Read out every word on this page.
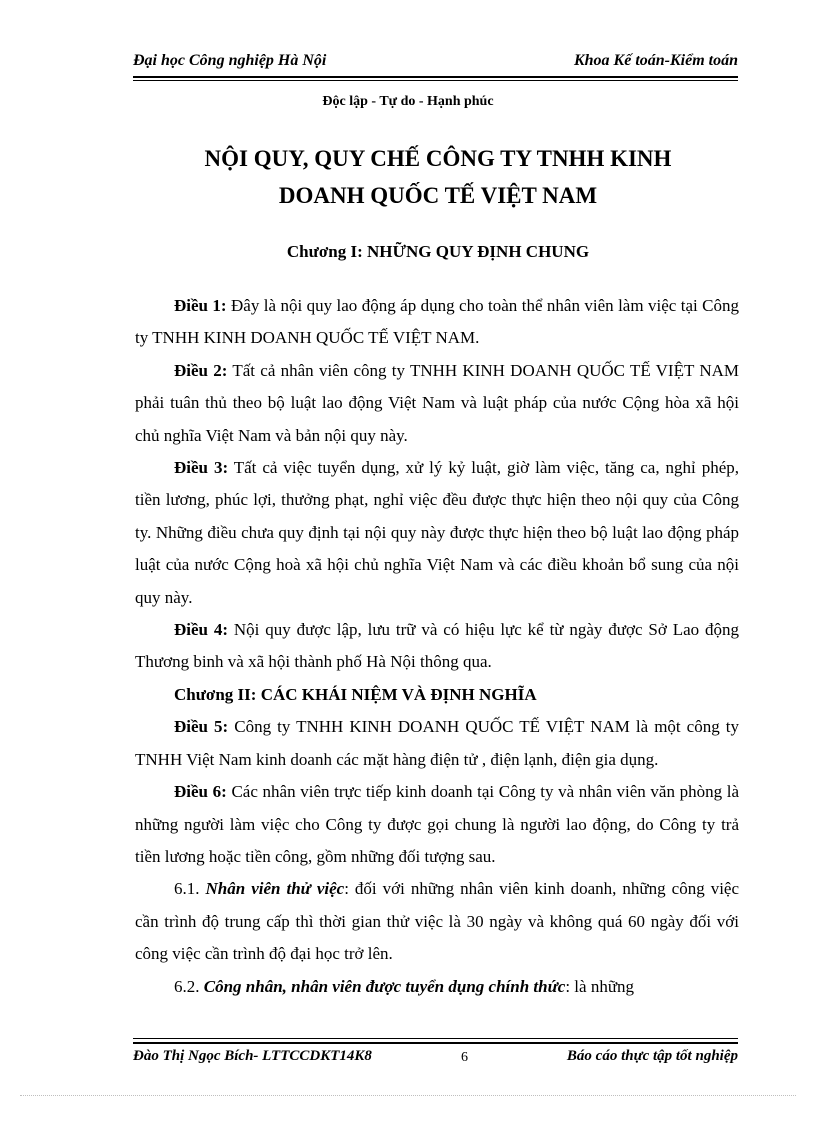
Đại học Công nghiệp Hà Nội	Khoa Kế toán-Kiểm toán
Độc lập - Tự do - Hạnh phúc
NỘI QUY, QUY CHẾ CÔNG TY TNHH KINH
DOANH QUỐC TẾ VIỆT NAM
Chương I: NHỮNG QUY ĐỊNH CHUNG

Điều 1: Đây là nội quy lao động áp dụng cho toàn thể nhân viên làm việc tại Công ty TNHH KINH DOANH QUỐC TẾ VIỆT NAM.

Điều 2: Tất cả nhân viên công ty TNHH KINH DOANH QUỐC TẾ VIỆT NAM phải tuân thủ theo bộ luật lao động Việt Nam và luật pháp của nước Cộng hòa xã hội chủ nghĩa Việt Nam và bản nội quy này.

Điều 3: Tất cả việc tuyển dụng, xử lý kỷ luật, giờ làm việc, tăng ca, nghỉ phép, tiền lương, phúc lợi, thưởng phạt, nghỉ việc đều được thực hiện theo nội quy của Công ty. Những điều chưa quy định tại nội quy này được thực hiện theo bộ luật lao động pháp luật của nước Cộng hoà xã hội chủ nghĩa Việt Nam và các điều khoản bổ sung của nội quy này.

Điều 4: Nội quy được lập, lưu trữ và có hiệu lực kể từ ngày được Sở Lao động Thương binh và xã hội thành phố Hà Nội thông qua.

Chương II: CÁC KHÁI NIỆM VÀ ĐỊNH NGHĨA

Điều 5: Công ty TNHH KINH DOANH QUỐC TẾ VIỆT NAM là một công ty TNHH Việt Nam kinh doanh các mặt hàng điện tử , điện lạnh, điện gia dụng.

Điều 6: Các nhân viên trực tiếp kinh doanh tại Công ty và nhân viên văn phòng là những người làm việc cho Công ty được gọi chung là người lao động, do Công ty trả tiền lương hoặc tiền công, gồm những đối tượng sau.

6.1. Nhân viên thử việc: đối với những nhân viên kinh doanh, những công việc cần trình độ trung cấp thì thời gian thử việc là 30 ngày và không quá 60 ngày đối với công việc cần trình độ đại học trở lên.

6.2. Công nhân, nhân viên được tuyển dụng chính thức: là những

Đào Thị Ngọc Bích- LTTCCDKT14K8	6	Báo cáo thực tập tốt nghiệp
